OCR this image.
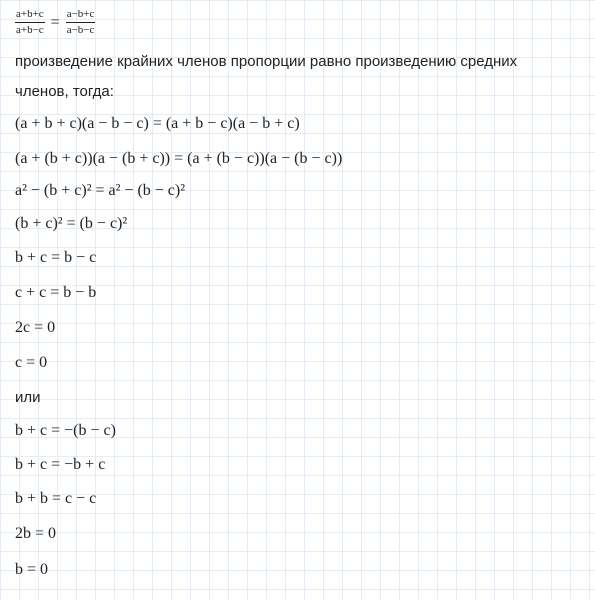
$\frac{a+b+c}{a+b-c} = \frac{a-b+c}{a-b-c}$
произведение крайних членов пропорции равно произведению средних
членов, тогда:
(a + b + c)(a − b − c) = (a + b − c)(a − b + c)
(a + (b + c))(a − (b + c)) = (a + (b − c))(a − (b − c))
a² − (b + c)² = a² − (b − c)²
(b + c)² = (b − c)²
b + c = b − c
c + c = b − b
2c = 0
c = 0
или
b + c = −(b − c)
b + c = −b + c
b + b = c − c
2b = 0
b = 0
